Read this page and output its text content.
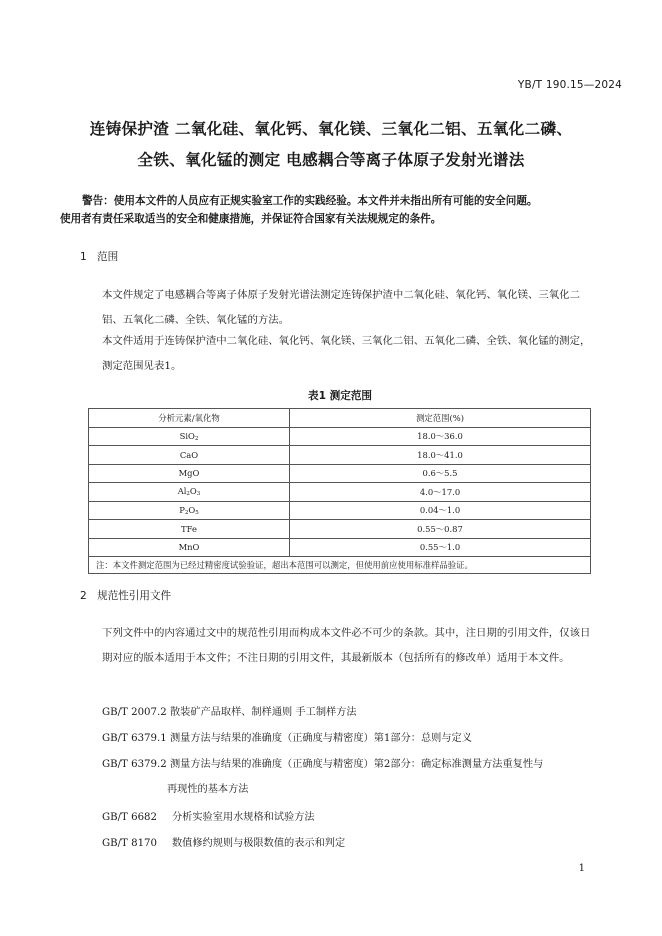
YB/T 190.15—2024
连铸保护渣 二氧化硅、氧化钙、氧化镁、三氧化二铝、五氧化二磷、
全铁、氧化锰的测定 电感耦合等离子体原子发射光谱法
警告：使用本文件的人员应有正规实验室工作的实践经验。本文件并未指出所有可能的安全问题。
使用者有责任采取适当的安全和健康措施，并保证符合国家有关法规规定的条件。
1 范围
本文件规定了电感耦合等离子体原子发射光谱法测定连铸保护渣中二氧化硅、氧化钙、氧化镁、三氧化二铝、五氧化二磷、全铁、氧化锰的方法。
本文件适用于连铸保护渣中二氧化硅、氧化钙、氧化镁、三氧化二铝、五氧化二磷、全铁、氧化锰的测定，测定范围见表1。
表1 测定范围
分析元素/氧化物	测定范围(%)
SiO2	18.0～36.0
CaO	18.0～41.0
MgO	0.6～5.5
Al2O3	4.0～17.0
P2O5	0.04～1.0
TFe	0.55～0.87
MnO	0.55～1.0
注：本文件测定范围为已经过精密度试验验证，超出本范围可以测定，但使用前应使用标准样品验证。	
2 规范性引用文件
下列文件中的内容通过文中的规范性引用而构成本文件必不可少的条款。其中，注日期的引用文件，仅该日期对应的版本适用于本文件；不注日期的引用文件，其最新版本（包括所有的修改单）适用于本文件。
GB/T 2007.2 散装矿产品取样、制样通则 手工制样方法
GB/T 6379.1 测量方法与结果的准确度（正确度与精密度）第1部分：总则与定义
GB/T 6379.2 测量方法与结果的准确度（正确度与精密度）第2部分：确定标准测量方法重复性与
再现性的基本方法
GB/T 6682 分析实验室用水规格和试验方法
GB/T 8170 数值修约规则与极限数值的表示和判定
1
